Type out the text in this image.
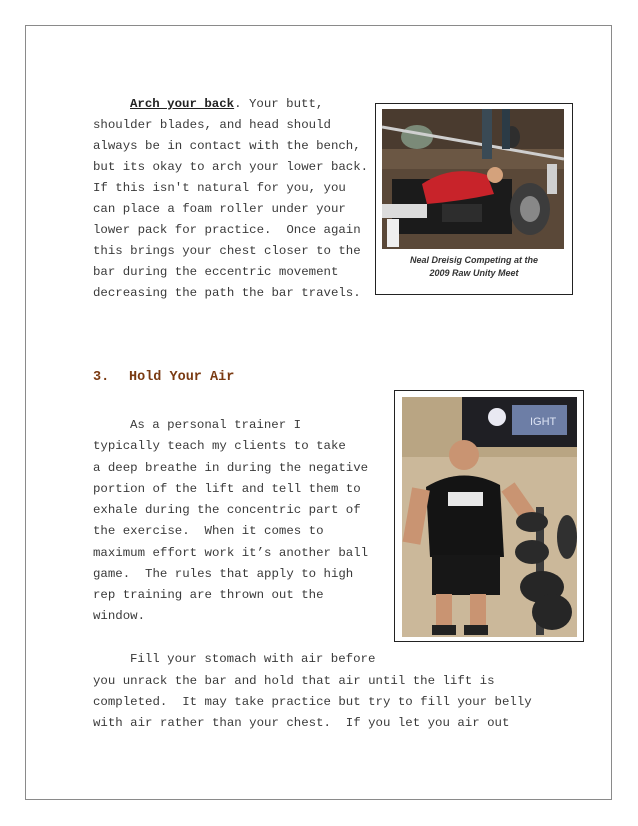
Arch your back. Your butt,
shoulder blades, and head should
always be in contact with the bench,
but its okay to arch your lower back.
If this isn't natural for you, you
can place a foam roller under your
lower pack for practice.  Once again
this brings your chest closer to the
bar during the eccentric movement
decreasing the path the bar travels.
Neal Dreisig Competing at the
2009 Raw Unity Meet
3. Hold Your Air
As a personal trainer I
typically teach my clients to take
a deep breathe in during the negative
portion of the lift and tell them to
exhale during the concentric part of
the exercise.  When it comes to
maximum effort work it’s another ball
game.  The rules that apply to high
rep training are thrown out the
window.
IGHT
Fill your stomach with air before
you unrack the bar and hold that air until the lift is
completed.  It may take practice but try to fill your belly
with air rather than your chest.  If you let you air out
